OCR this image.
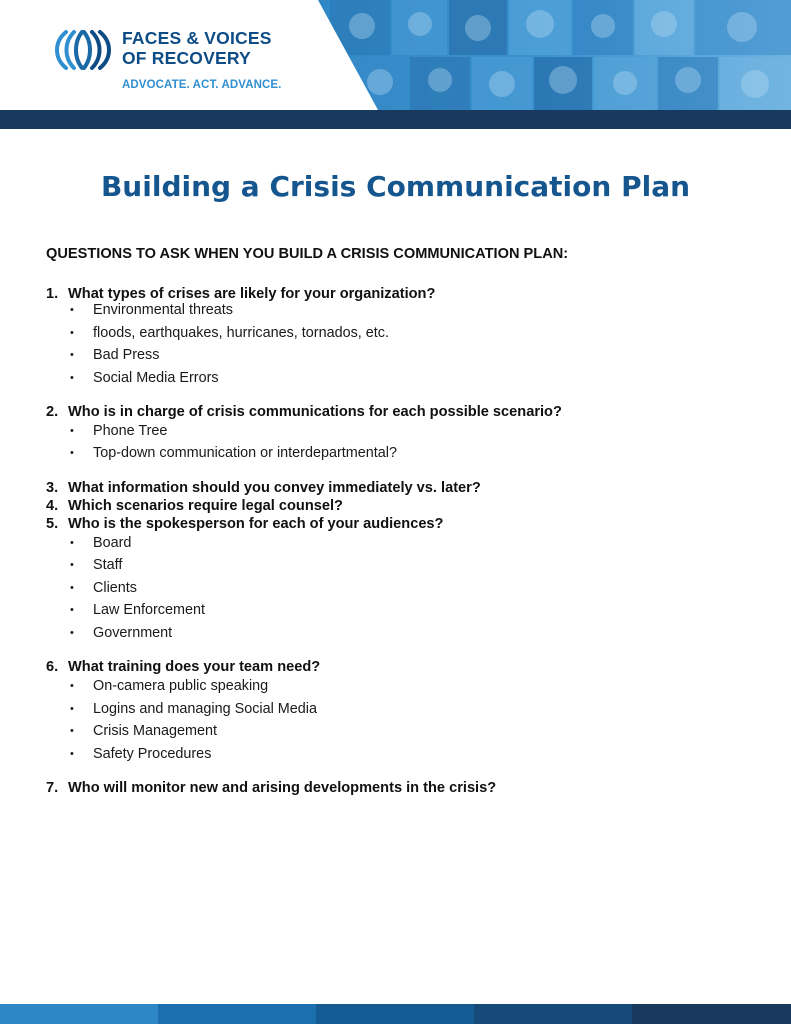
FACES & VOICES
OF RECOVERY
ADVOCATE. ACT. ADVANCE.
Building a Crisis Communication Plan
QUESTIONS TO ASK WHEN YOU BUILD A CRISIS COMMUNICATION PLAN:
1. What types of crises are likely for your organization?
• Environmental threats
• floods, earthquakes, hurricanes, tornados, etc.
• Bad Press
• Social Media Errors
2. Who is in charge of crisis communications for each possible scenario?
• Phone Tree
• Top-down communication or interdepartmental?
3. What information should you convey immediately vs. later?
4. Which scenarios require legal counsel?
5. Who is the spokesperson for each of your audiences?
• Board
• Staff
• Clients
• Law Enforcement
• Government
6. What training does your team need?
• On-camera public speaking
• Logins and managing Social Media
• Crisis Management
• Safety Procedures
7. Who will monitor new and arising developments in the crisis?
